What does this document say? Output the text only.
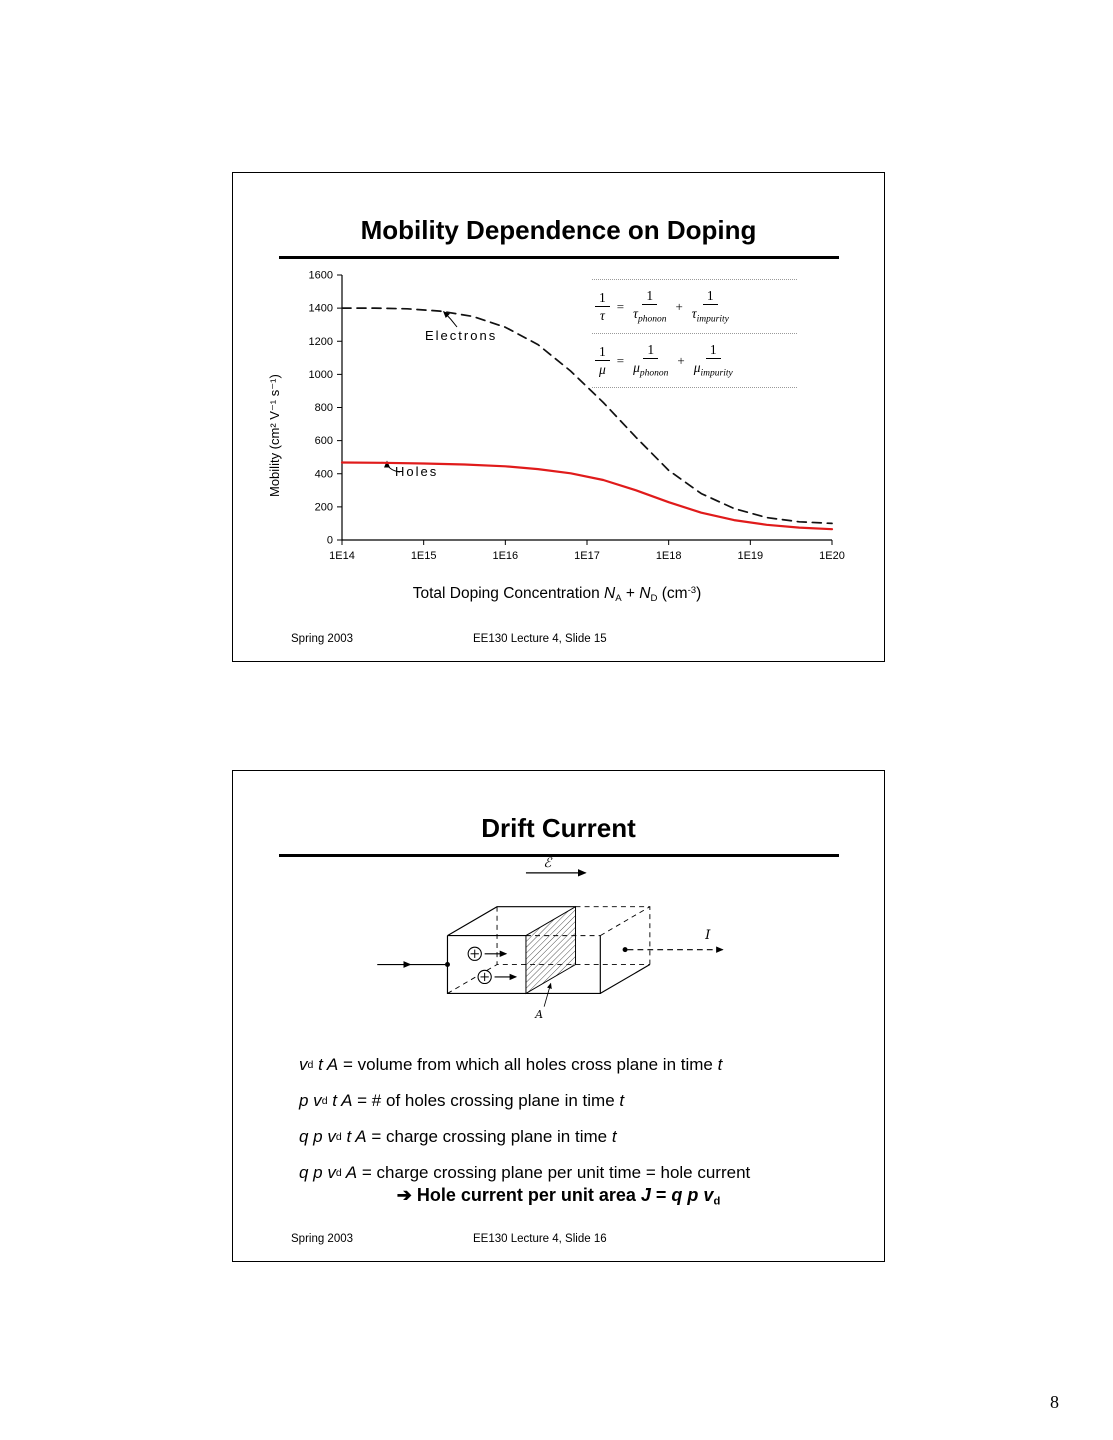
Mobility Dependence on Doping
Mobility (cm² V⁻¹ s⁻¹)
0
200
400
600
800
1000
1200
1400
1600
1E14	1E15	1E16	1E17	1E18	1E19	1E20
Electrons
Holes
$\frac{1}{\tau} = \frac{1}{\tau_{phonon}} + \frac{1}{\tau_{impurity}}$
$\frac{1}{\mu} = \frac{1}{\mu_{phonon}} + \frac{1}{\mu_{impurity}}$
Total Doping Concentration NA + ND $(cm^{-3})$
Spring 2003	EE130 Lecture 4, Slide 15
Drift Current
ℰ
I
A
v d t A = volume from which all holes cross plane in time t
p v d t A = # of holes crossing plane in time t
q p v d t A = charge crossing plane in time t
q p v d A = charge crossing plane per unit time = hole current
➔ Hole current per unit area J = q p vd
Spring 2003	EE130 Lecture 4, Slide 16
8
